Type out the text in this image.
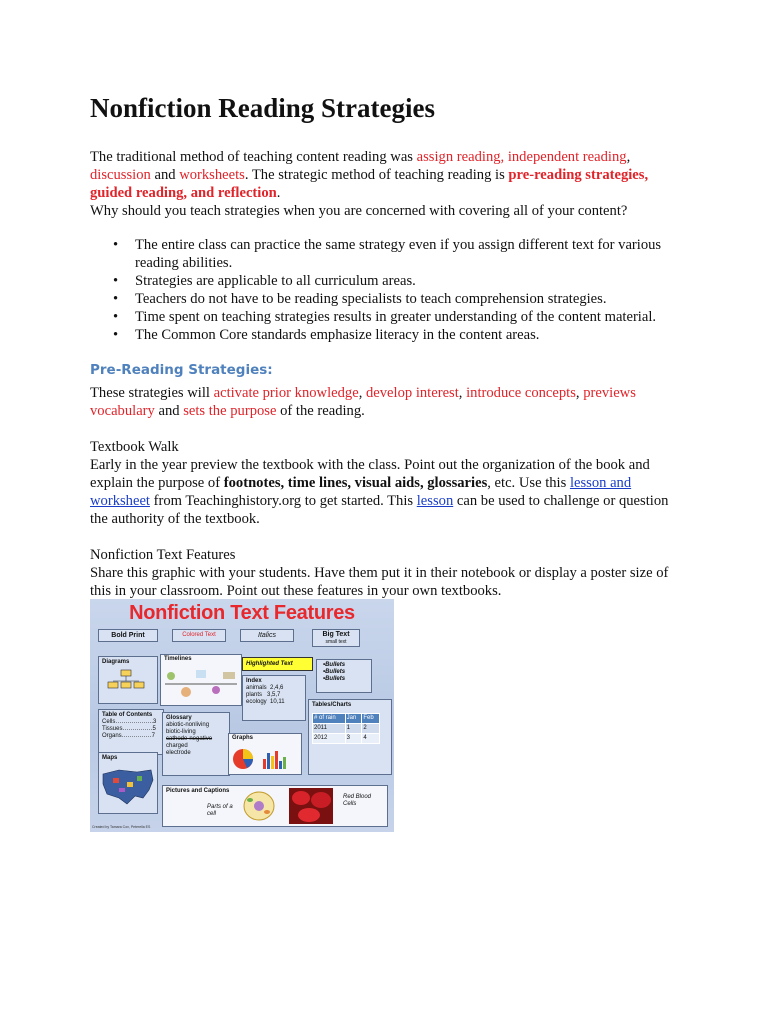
Nonfiction Reading Strategies

The traditional method of teaching content reading was assign reading, independent reading, discussion and worksheets. The strategic method of teaching reading is pre-reading strategies, guided reading, and reflection.
Why should you teach strategies when you are concerned with covering all of your content?

• The entire class can practice the same strategy even if you assign different text for various reading abilities.
• Strategies are applicable to all curriculum areas.
• Teachers do not have to be reading specialists to teach comprehension strategies.
• Time spent on teaching strategies results in greater understanding of the content material.
• The Common Core standards emphasize literacy in the content areas.
Pre-Reading Strategies:

These strategies will activate prior knowledge, develop interest, introduce concepts, previews vocabulary and sets the purpose of the reading.

Textbook Walk
Early in the year preview the textbook with the class. Point out the organization of the book and explain the purpose of footnotes, time lines, visual aids, glossaries, etc. Use this lesson and worksheet from Teachinghistory.org to get started. This lesson can be used to challenge or question the authority of the textbook.

Nonfiction Text Features
Share this graphic with your students. Have them put it in their notebook or display a poster size of this in your classroom. Point out these features in your own textbooks.

Nonfiction Text Features
Bold Print	Colored Text	Italics	Big Text
small text
Diagrams	Timelines
Highlighted Text	•Bullets
•Bullets
•Bullets
Index
animals  2,4,6
plants   3,5,7
ecology  10,11
Table of Contents
Cells……………….3
Tissues……………5
Organs……………7
Glossary
abiotic-nonliving
biotic-living
cathode-negative
charged
electrode
Graphs
Tables/Charts
# of rain	Jan	Feb
2011	1	2
2012	3	4
Maps
Pictures and Captions
Parts of a cell
Red Blood Cells
Created by Tamara Cox, Peterella ES
